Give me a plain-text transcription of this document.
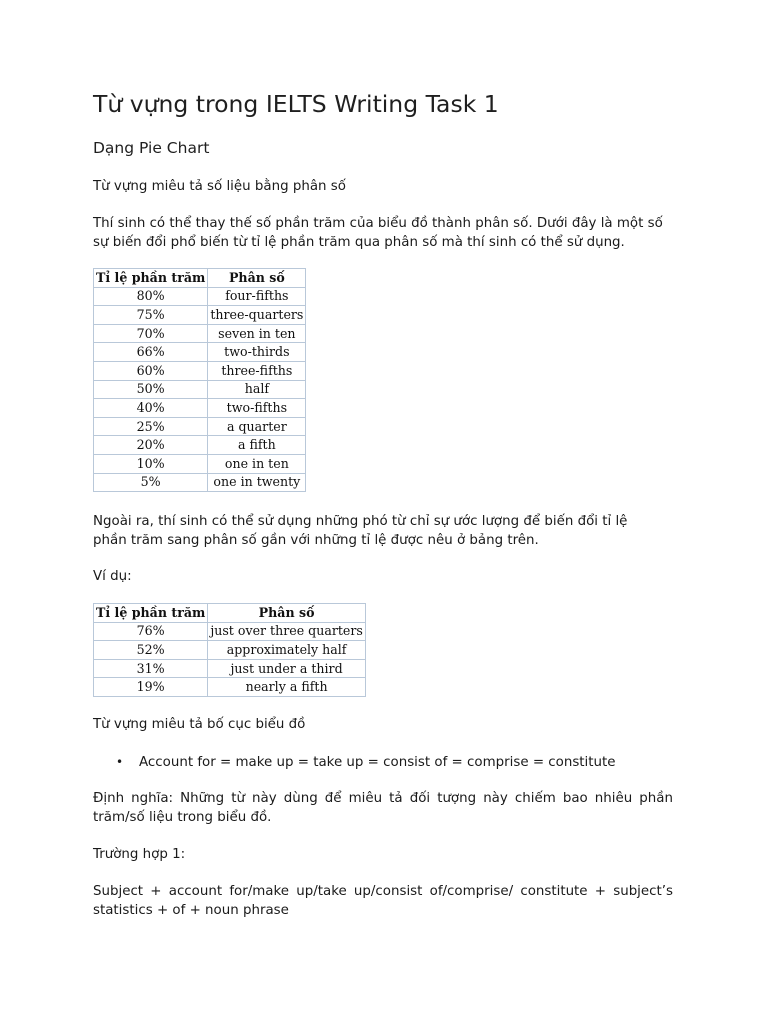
Từ vựng trong IELTS Writing Task 1
Dạng Pie Chart
Từ vựng miêu tả số liệu bằng phân số
Thí sinh có thể thay thế số phần trăm của biểu đồ thành phân số. Dưới đây là một số
sự biến đổi phổ biến từ tỉ lệ phần trăm qua phân số mà thí sinh có thể sử dụng.
Tỉ lệ phần trăm	Phân số
80%	four-fifths
75%	three-quarters
70%	seven in ten
66%	two-thirds
60%	three-fifths
50%	half
40%	two-fifths
25%	a quarter
20%	a fifth
10%	one in ten
5%	one in twenty
Ngoài ra, thí sinh có thể sử dụng những phó từ chỉ sự ước lượng để biến đổi tỉ lệ
phần trăm sang phân số gần với những tỉ lệ được nêu ở bảng trên.
Ví dụ:
Tỉ lệ phần trăm	Phân số
76%	just over three quarters
52%	approximately half
31%	just under a third
19%	nearly a fifth
Từ vựng miêu tả bố cục biểu đồ
• Account for = make up = take up = consist of = comprise = constitute
Định nghĩa: Những từ này dùng để miêu tả đối tượng này chiếm bao nhiêu phần trăm/số liệu trong biểu đồ.
Trường hợp 1:
Subject + account for/make up/take up/consist of/comprise/ constitute + subject’s statistics + of + noun phrase
